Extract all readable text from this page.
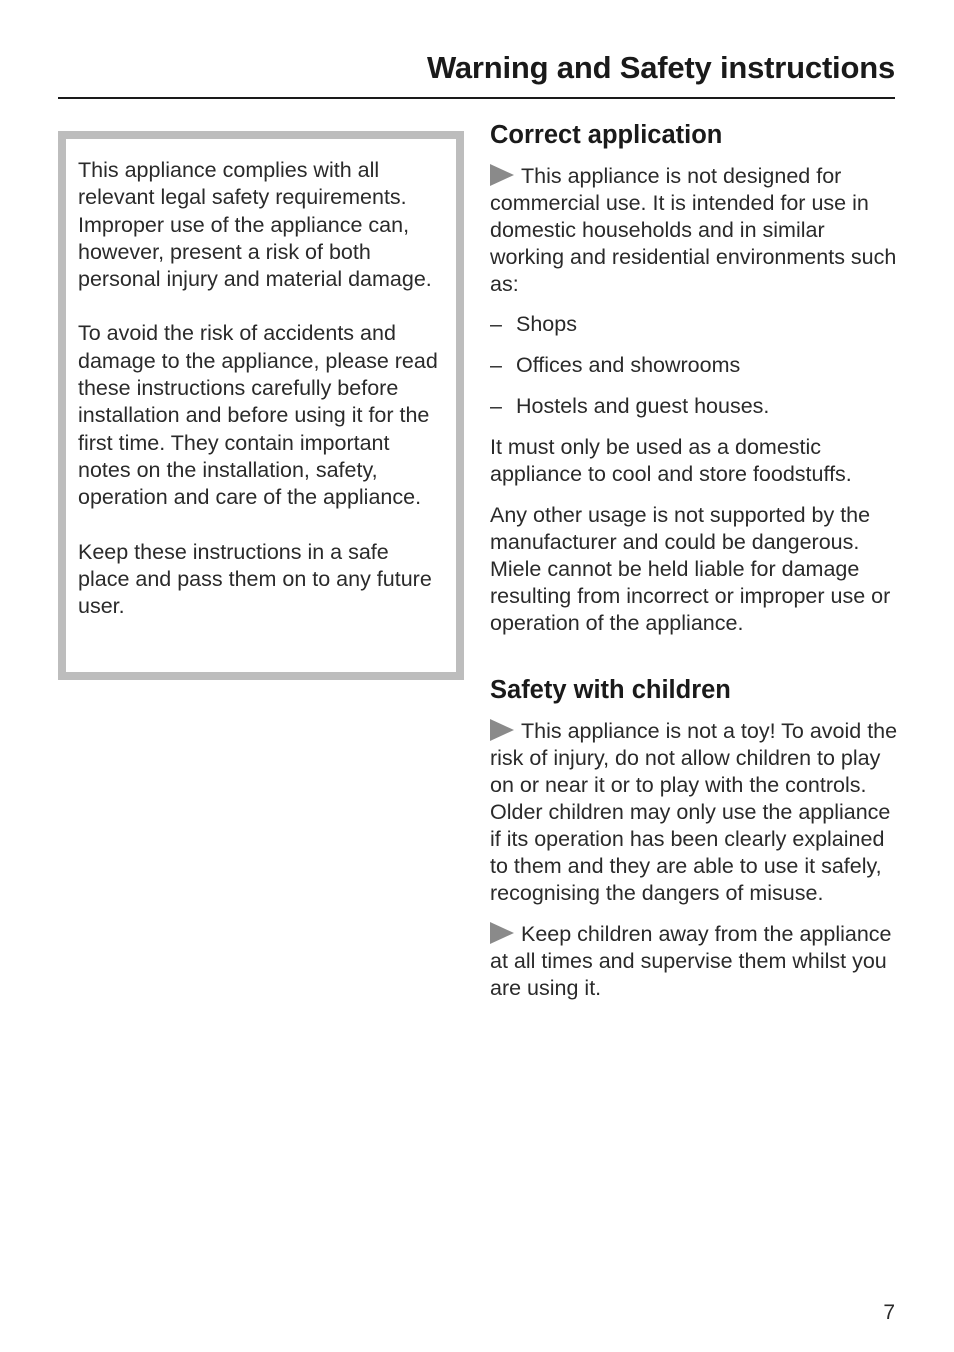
Warning and Safety instructions

This appliance complies with all relevant legal safety requirements. Improper use of the appliance can, however, present a risk of both personal injury and material damage.

To avoid the risk of accidents and damage to the appliance, please read these instructions carefully before installation and before using it for the first time. They contain important notes on the installation, safety, operation and care of the appliance.

Keep these instructions in a safe place and pass them on to any future user.

Correct application

This appliance is not designed for commercial use. It is intended for use in domestic households and in similar working and residential environments such as:

– Shops
– Offices and showrooms
– Hostels and guest houses.

It must only be used as a domestic appliance to cool and store foodstuffs.

Any other usage is not supported by the manufacturer and could be dangerous. Miele cannot be held liable for damage resulting from incorrect or improper use or operation of the appliance.

Safety with children

This appliance is not a toy! To avoid the risk of injury, do not allow children to play on or near it or to play with the controls. Older children may only use the appliance if its operation has been clearly explained to them and they are able to use it safely, recognising the dangers of misuse.

Keep children away from the appliance at all times and supervise them whilst you are using it.

7
